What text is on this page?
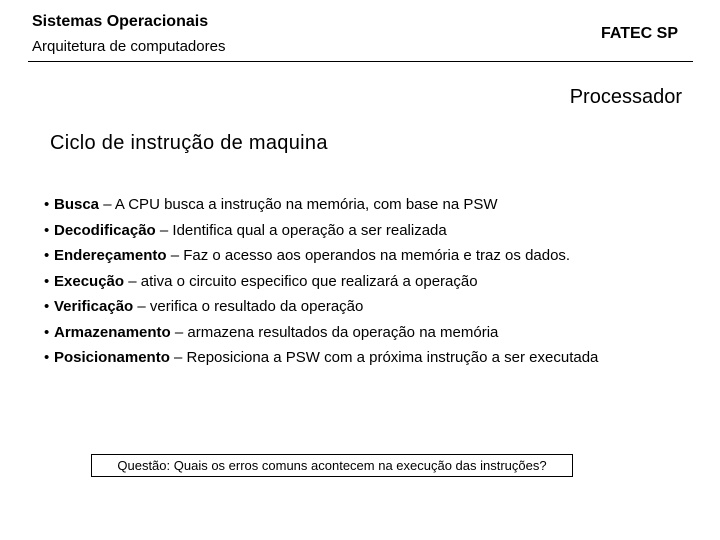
Sistemas Operacionais
Arquitetura de computadores
FATEC SP
Processador
Ciclo de instrução de maquina
• Busca – A CPU busca a instrução na memória, com base na PSW
• Decodificação – Identifica qual a operação a ser realizada
• Endereçamento – Faz o acesso aos operandos na memória e traz os dados.
• Execução – ativa o circuito especifico que realizará a operação
• Verificação – verifica o resultado da operação
• Armazenamento – armazena resultados da operação na memória
• Posicionamento – Reposiciona a PSW com a próxima instrução a ser executada
Questão: Quais os erros comuns acontecem na execução das instruções?
